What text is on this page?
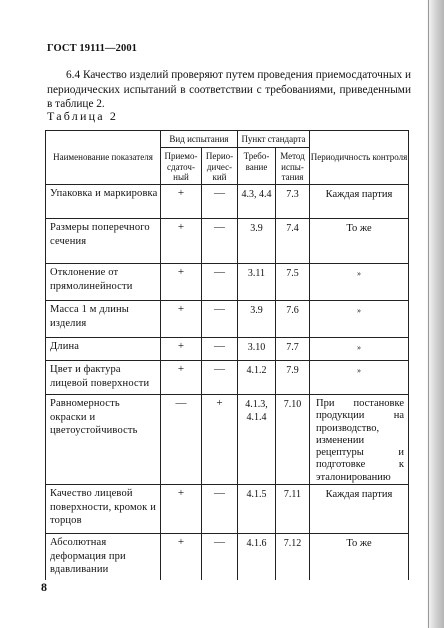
ГОСТ 19111—2001
6.4 Качество изделий проверяют путем проведения приемосдаточных и периодических испытаний в соответствии с требованиями, приведенными в таблице 2.
Таблица 2
Наименование показателя	Вид испытания		Пункт стандарта		Периодичность контроля
	Приемо-сдаточ-ный	Перио-дичес-кий	Требо-вание	Метод испы-тания	
Упаковка и маркировка	+	—	4.3, 4.4	7.3	Каждая партия
Размеры поперечного сечения	+	—	3.9	7.4	То же
Отклонение от прямолинейности	+	—	3.11	7.5	»
Масса 1 м длины изделия	+	—	3.9	7.6	»
Длина	+	—	3.10	7.7	»
Цвет и фактура лицевой поверхности	+	—	4.1.2	7.9	»
Равномерность окраски и цветоустойчивость	—	+	4.1.3, 4.1.4	7.10	При постановке продукции на производство, изменении рецептуры и подготовке к эталонированию

Качество лицевой поверхности, кромок и торцов	+	—	4.1.5	7.11	Каждая партия
Абсолютная деформация при вдавливании	+	—	4.1.6	7.12	То же
8
